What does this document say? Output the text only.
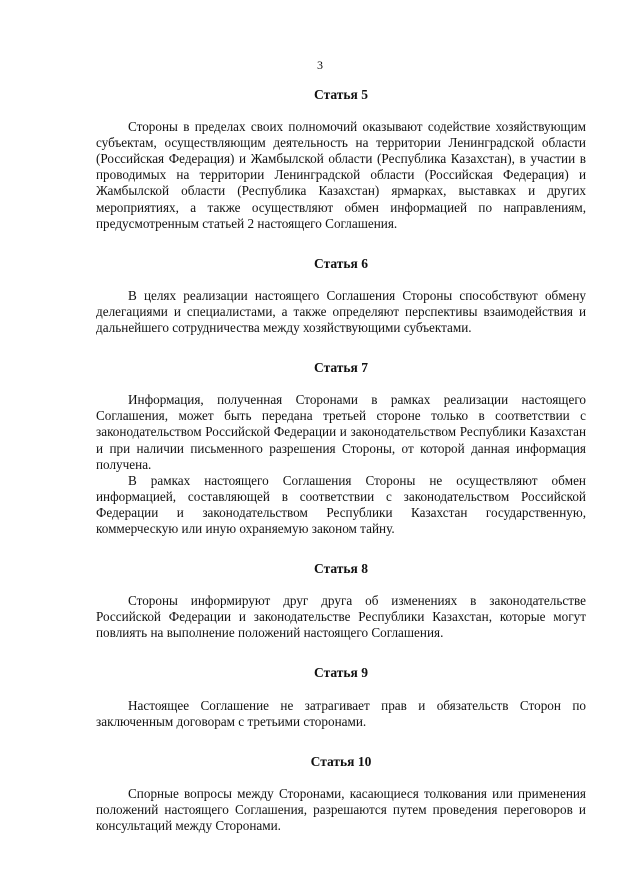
3
Статья 5

Стороны в пределах своих полномочий оказывают содействие хозяйствующим субъектам, осуществляющим деятельность на территории Ленинградской области (Российская Федерация) и Жамбылской области (Республика Казахстан), в участии в проводимых на территории Ленинградской области (Российская Федерация) и Жамбылской области (Республика Казахстан) ярмарках, выставках и других мероприятиях, а также осуществляют обмен информацией по направлениям, предусмотренным статьей 2 настоящего Соглашения.

Статья 6

В целях реализации настоящего Соглашения Стороны способствуют обмену делегациями и специалистами, а также определяют перспективы взаимодействия и дальнейшего сотрудничества между хозяйствующими субъектами.

Статья 7

Информация, полученная Сторонами в рамках реализации настоящего Соглашения, может быть передана третьей стороне только в соответствии с законодательством Российской Федерации и законодательством Республики Казахстан и при наличии письменного разрешения Стороны, от которой данная информация получена.

В рамках настоящего Соглашения Стороны не осуществляют обмен информацией, составляющей в соответствии с законодательством Российской Федерации и законодательством Республики Казахстан государственную, коммерческую или иную охраняемую законом тайну.

Статья 8

Стороны информируют друг друга об изменениях в законодательстве Российской Федерации и законодательстве Республики Казахстан, которые могут повлиять на выполнение положений настоящего Соглашения.

Статья 9

Настоящее Соглашение не затрагивает прав и обязательств Сторон по заключенным договорам с третьими сторонами.

Статья 10

Спорные вопросы между Сторонами, касающиеся толкования или применения положений настоящего Соглашения, разрешаются путем проведения переговоров и консультаций между Сторонами.
